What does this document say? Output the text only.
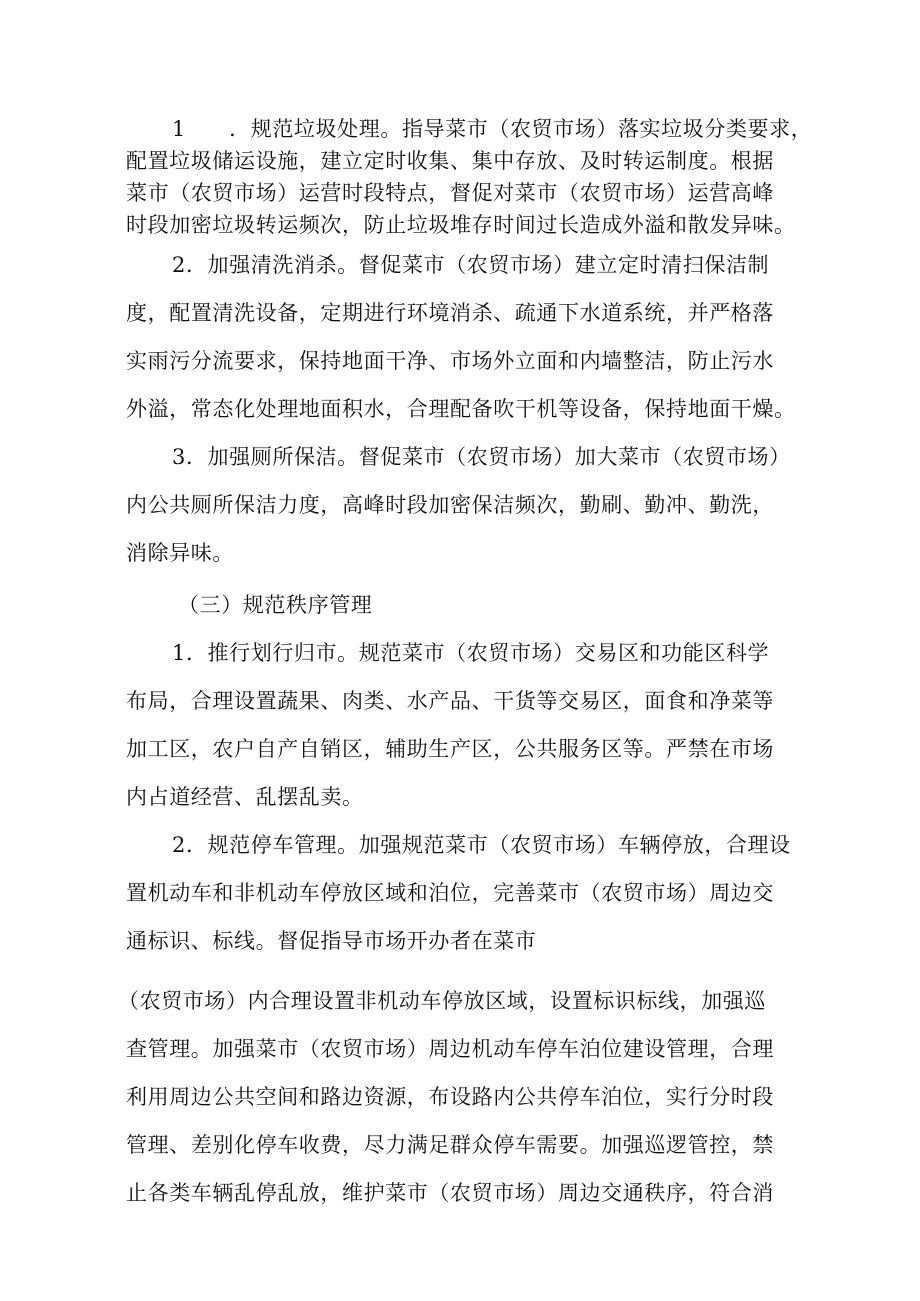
1　　．规范垃圾处理。指导菜市（农贸市场）落实垃圾分类要求，
配置垃圾储运设施，建立定时收集、集中存放、及时转运制度。根据
菜市（农贸市场）运营时段特点，督促对菜市（农贸市场）运营高峰
时段加密垃圾转运频次，防止垃圾堆存时间过长造成外溢和散发异味。
2．加强清洗消杀。督促菜市（农贸市场）建立定时清扫保洁制
度，配置清洗设备，定期进行环境消杀、疏通下水道系统，并严格落
实雨污分流要求，保持地面干净、市场外立面和内墙整洁，防止污水
外溢，常态化处理地面积水，合理配备吹干机等设备，保持地面干燥。
3．加强厕所保洁。督促菜市（农贸市场）加大菜市（农贸市场）
内公共厕所保洁力度，高峰时段加密保洁频次，勤刷、勤冲、勤洗，
消除异味。
（三）规范秩序管理
1．推行划行归市。规范菜市（农贸市场）交易区和功能区科学
布局，合理设置蔬果、肉类、水产品、干货等交易区，面食和净菜等
加工区，农户自产自销区，辅助生产区，公共服务区等。严禁在市场
内占道经营、乱摆乱卖。
2．规范停车管理。加强规范菜市（农贸市场）车辆停放，合理设
置机动车和非机动车停放区域和泊位，完善菜市（农贸市场）周边交
通标识、标线。督促指导市场开办者在菜市
（农贸市场）内合理设置非机动车停放区域，设置标识标线，加强巡
查管理。加强菜市（农贸市场）周边机动车停车泊位建设管理，合理
利用周边公共空间和路边资源，布设路内公共停车泊位，实行分时段
管理、差别化停车收费，尽力满足群众停车需要。加强巡逻管控，禁
止各类车辆乱停乱放，维护菜市（农贸市场）周边交通秩序，符合消
